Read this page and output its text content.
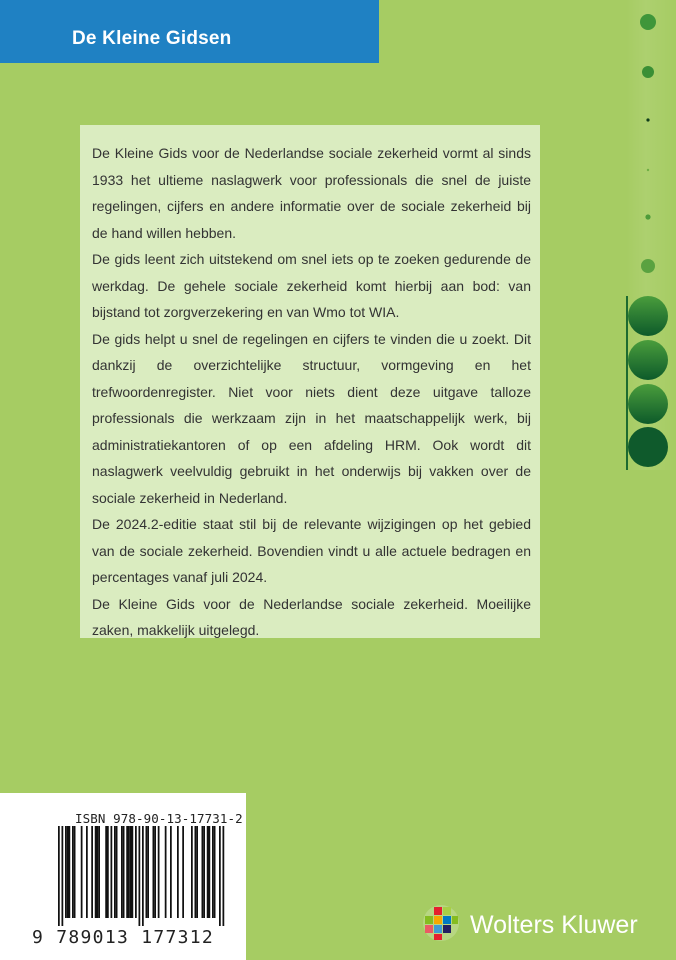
De Kleine Gidsen

De Kleine Gids voor de Nederlandse sociale zekerheid vormt al sinds 1933 het ultieme naslagwerk voor professionals die snel de juiste regelingen, cijfers en andere informatie over de sociale zekerheid bij de hand willen hebben.

De gids leent zich uitstekend om snel iets op te zoeken gedurende de werkdag. De gehele sociale zekerheid komt hierbij aan bod: van bijstand tot zorgverzekering en van Wmo tot WIA.

De gids helpt u snel de regelingen en cijfers te vinden die u zoekt. Dit dankzij de overzichtelijke structuur, vormgeving en het trefwoordenregister. Niet voor niets dient deze uitgave talloze professionals die werkzaam zijn in het maatschappelijk werk, bij administratiekantoren of op een afdeling HRM. Ook wordt dit naslagwerk veelvuldig gebruikt in het onderwijs bij vakken over de sociale zekerheid in Nederland.

De 2024.2-editie staat stil bij de relevante wijzigingen op het gebied van de sociale zekerheid. Bovendien vindt u alle actuele bedragen en percentages vanaf juli 2024.

De Kleine Gids voor de Nederlandse sociale zekerheid. Moeilijke zaken, makkelijk uitgelegd.

ISBN 978-90-13-17731-2
9 789013 177312	Wolters Kluwer
